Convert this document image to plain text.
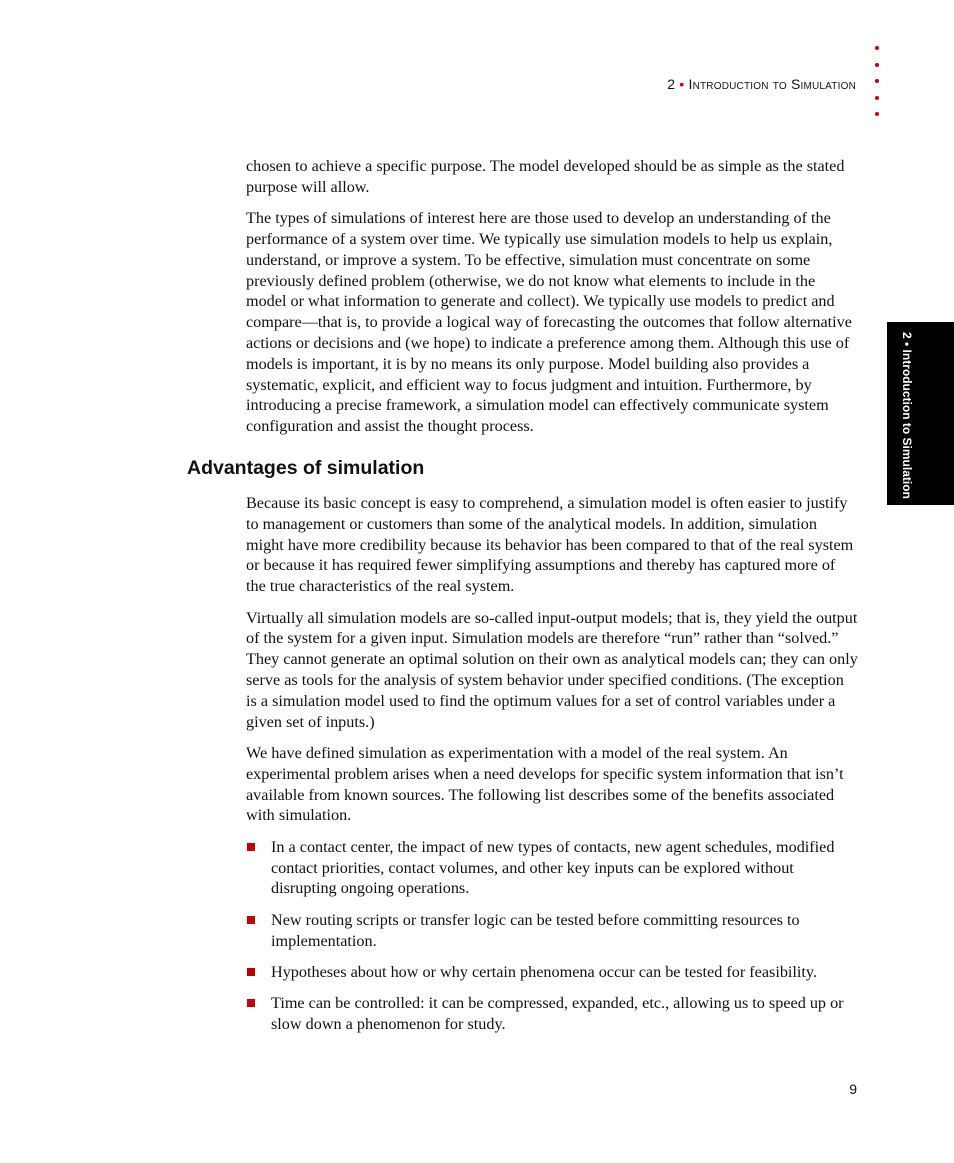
2 • Introduction to Simulation
2 • Introduction to Simulation

chosen to achieve a specific purpose. The model developed should be as simple as the stated purpose will allow.

The types of simulations of interest here are those used to develop an understanding of the performance of a system over time. We typically use simulation models to help us explain, understand, or improve a system. To be effective, simulation must concentrate on some previously defined problem (otherwise, we do not know what elements to include in the model or what information to generate and collect). We typically use models to predict and compare—that is, to provide a logical way of forecasting the outcomes that follow alternative actions or decisions and (we hope) to indicate a preference among them. Although this use of models is important, it is by no means its only purpose. Model building also provides a systematic, explicit, and efficient way to focus judgment and intuition. Furthermore, by introducing a precise framework, a simulation model can effectively communicate system configuration and assist the thought process.

Advantages of simulation

Because its basic concept is easy to comprehend, a simulation model is often easier to justify to management or customers than some of the analytical models. In addition, simulation might have more credibility because its behavior has been compared to that of the real system or because it has required fewer simplifying assumptions and thereby has captured more of the true characteristics of the real system.

Virtually all simulation models are so-called input-output models; that is, they yield the output of the system for a given input. Simulation models are therefore “run” rather than “solved.” They cannot generate an optimal solution on their own as analytical models can; they can only serve as tools for the analysis of system behavior under specified conditions. (The exception is a simulation model used to find the optimum values for a set of control variables under a given set of inputs.)

We have defined simulation as experimentation with a model of the real system. An experimental problem arises when a need develops for specific system information that isn’t available from known sources. The following list describes some of the benefits associated with simulation.

In a contact center, the impact of new types of contacts, new agent schedules, modified contact priorities, contact volumes, and other key inputs can be explored without disrupting ongoing operations.
New routing scripts or transfer logic can be tested before committing resources to implementation.
Hypotheses about how or why certain phenomena occur can be tested for feasibility.
Time can be controlled: it can be compressed, expanded, etc., allowing us to speed up or slow down a phenomenon for study.
9
